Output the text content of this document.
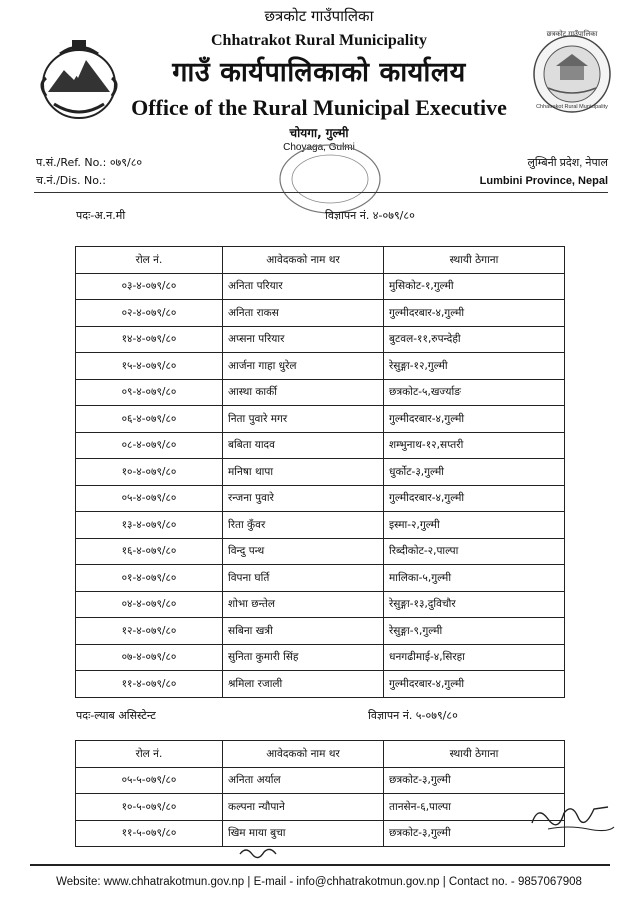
छत्रकोट गाउँपालिका
Chhatrakot Rural Municipality
छत्रकोट गाउँपालिका
Chhatrakot Rural Municipality
गाउँ कार्यपालिकाको कार्यालय
Office of the Rural Municipal Executive
चोयगा, गुल्मी
Choyaga, Gulmi
प.सं./Ref. No.: ०७९/८०
च.नं./Dis. No.:
लुम्बिनी प्रदेश, नेपाल
Lumbini Province, Nepal
पदः-अ.न.मी	विज्ञापन नं. ४-०७९/८०
रोल नं.	आवेदकको नाम थर	स्थायी ठेगाना
०३-४-०७९/८०	अनिता परियार	मुसिकोट-१,गुल्मी
०२-४-०७९/८०	अनिता राकस	गुल्मीदरबार-४,गुल्मी
१४-४-०७९/८०	अप्सना परियार	बुटवल-११,रुपन्देही
१५-४-०७९/८०	आर्जना गाहा धुरेल	रेसुङ्गा-१२,गुल्मी
०९-४-०७९/८०	आस्था कार्की	छत्रकोट-५,खर्ज्याङ
०६-४-०७९/८०	निता पुवारे मगर	गुल्मीदरबार-४,गुल्मी
०८-४-०७९/८०	बबिता यादव	शम्भुनाथ-१२,सप्तरी
१०-४-०७९/८०	मनिषा थापा	धुर्कोट-३,गुल्मी
०५-४-०७९/८०	रन्जना पुवारे	गुल्मीदरबार-४,गुल्मी
१३-४-०७९/८०	रिता कुँवर	इस्मा-२,गुल्मी
१६-४-०७९/८०	विन्दु पन्थ	रिब्दीकोट-२,पाल्पा
०१-४-०७९/८०	विपना घर्ति	मालिका-५,गुल्मी
०४-४-०७९/८०	शोभा छन्तेल	रेसुङ्गा-१३,दुविचौर
१२-४-०७९/८०	सबिना खत्री	रेसुङ्गा-९,गुल्मी
०७-४-०७९/८०	सुनिता कुमारी सिंह	धनगढीमाई-४,सिरहा
११-४-०७९/८०	श्रमिला रजाली	गुल्मीदरबार-४,गुल्मी
पदः-ल्याब असिस्टेन्ट	विज्ञापन नं. ५-०७९/८०
रोल नं.	आवेदकको नाम थर	स्थायी ठेगाना
०५-५-०७९/८०	अनिता अर्याल	छत्रकोट-३,गुल्मी
१०-५-०७९/८०	कल्पना न्यौपाने	तानसेन-६,पाल्पा
११-५-०७९/८०	खिम माया बुचा	छत्रकोट-३,गुल्मी
Website: www.chhatrakotmun.gov.np | E-mail - info@chhatrakotmun.gov.np | Contact no. - 9857067908
